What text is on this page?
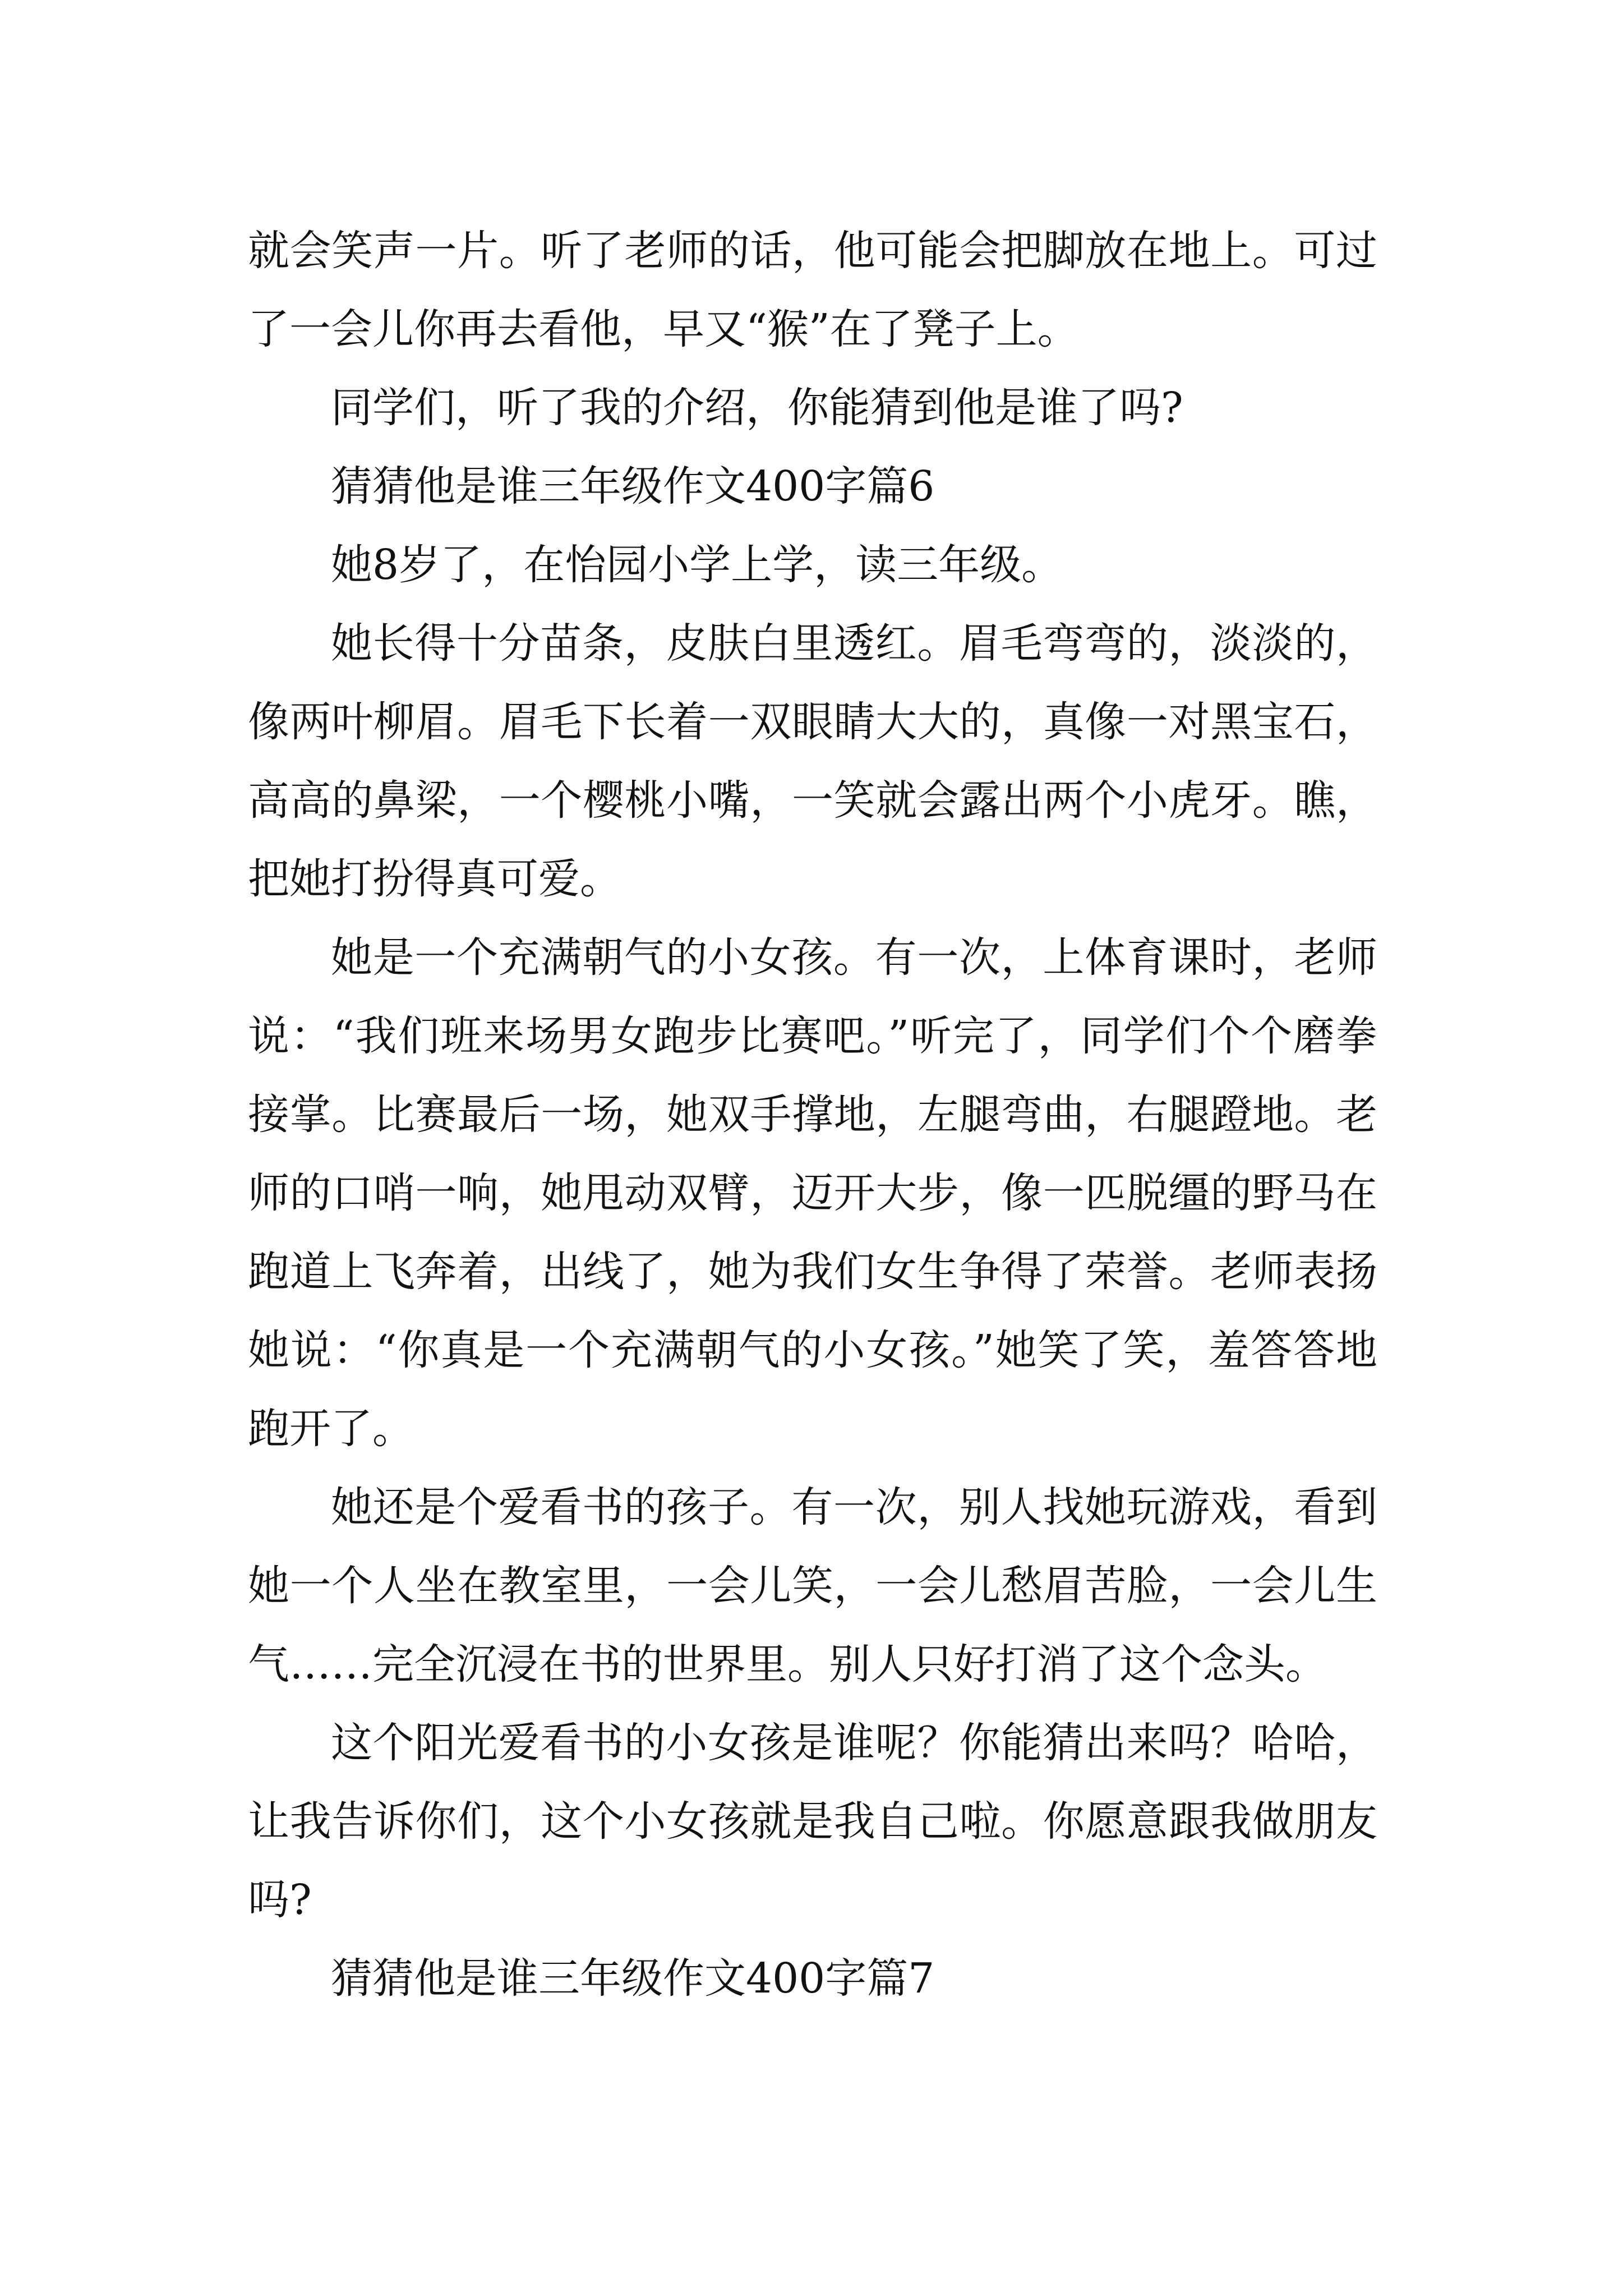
就会笑声一片。听了老师的话，他可能会把脚放在地上。可过了一会儿你再去看他，早又“猴”在了凳子上。

同学们，听了我的介绍，你能猜到他是谁了吗?

猜猜他是谁三年级作文400字篇6

她8岁了，在怡园小学上学，读三年级。

她长得十分苗条，皮肤白里透红。眉毛弯弯的，淡淡的，像两叶柳眉。眉毛下长着一双眼睛大大的，真像一对黑宝石，高高的鼻梁，一个樱桃小嘴，一笑就会露出两个小虎牙。瞧，把她打扮得真可爱。

她是一个充满朝气的小女孩。有一次，上体育课时，老师说：“我们班来场男女跑步比赛吧。”听完了，同学们个个磨拳接掌。比赛最后一场，她双手撑地，左腿弯曲，右腿蹬地。老师的口哨一响，她甩动双臂，迈开大步，像一匹脱缰的野马在跑道上飞奔着，出线了，她为我们女生争得了荣誉。老师表扬她说：“你真是一个充满朝气的小女孩。”她笑了笑，羞答答地跑开了。

她还是个爱看书的孩子。有一次，别人找她玩游戏，看到她一个人坐在教室里，一会儿笑，一会儿愁眉苦脸，一会儿生气……完全沉浸在书的世界里。别人只好打消了这个念头。

这个阳光爱看书的小女孩是谁呢？你能猜出来吗？哈哈，让我告诉你们，这个小女孩就是我自己啦。你愿意跟我做朋友吗?

猜猜他是谁三年级作文400字篇7
